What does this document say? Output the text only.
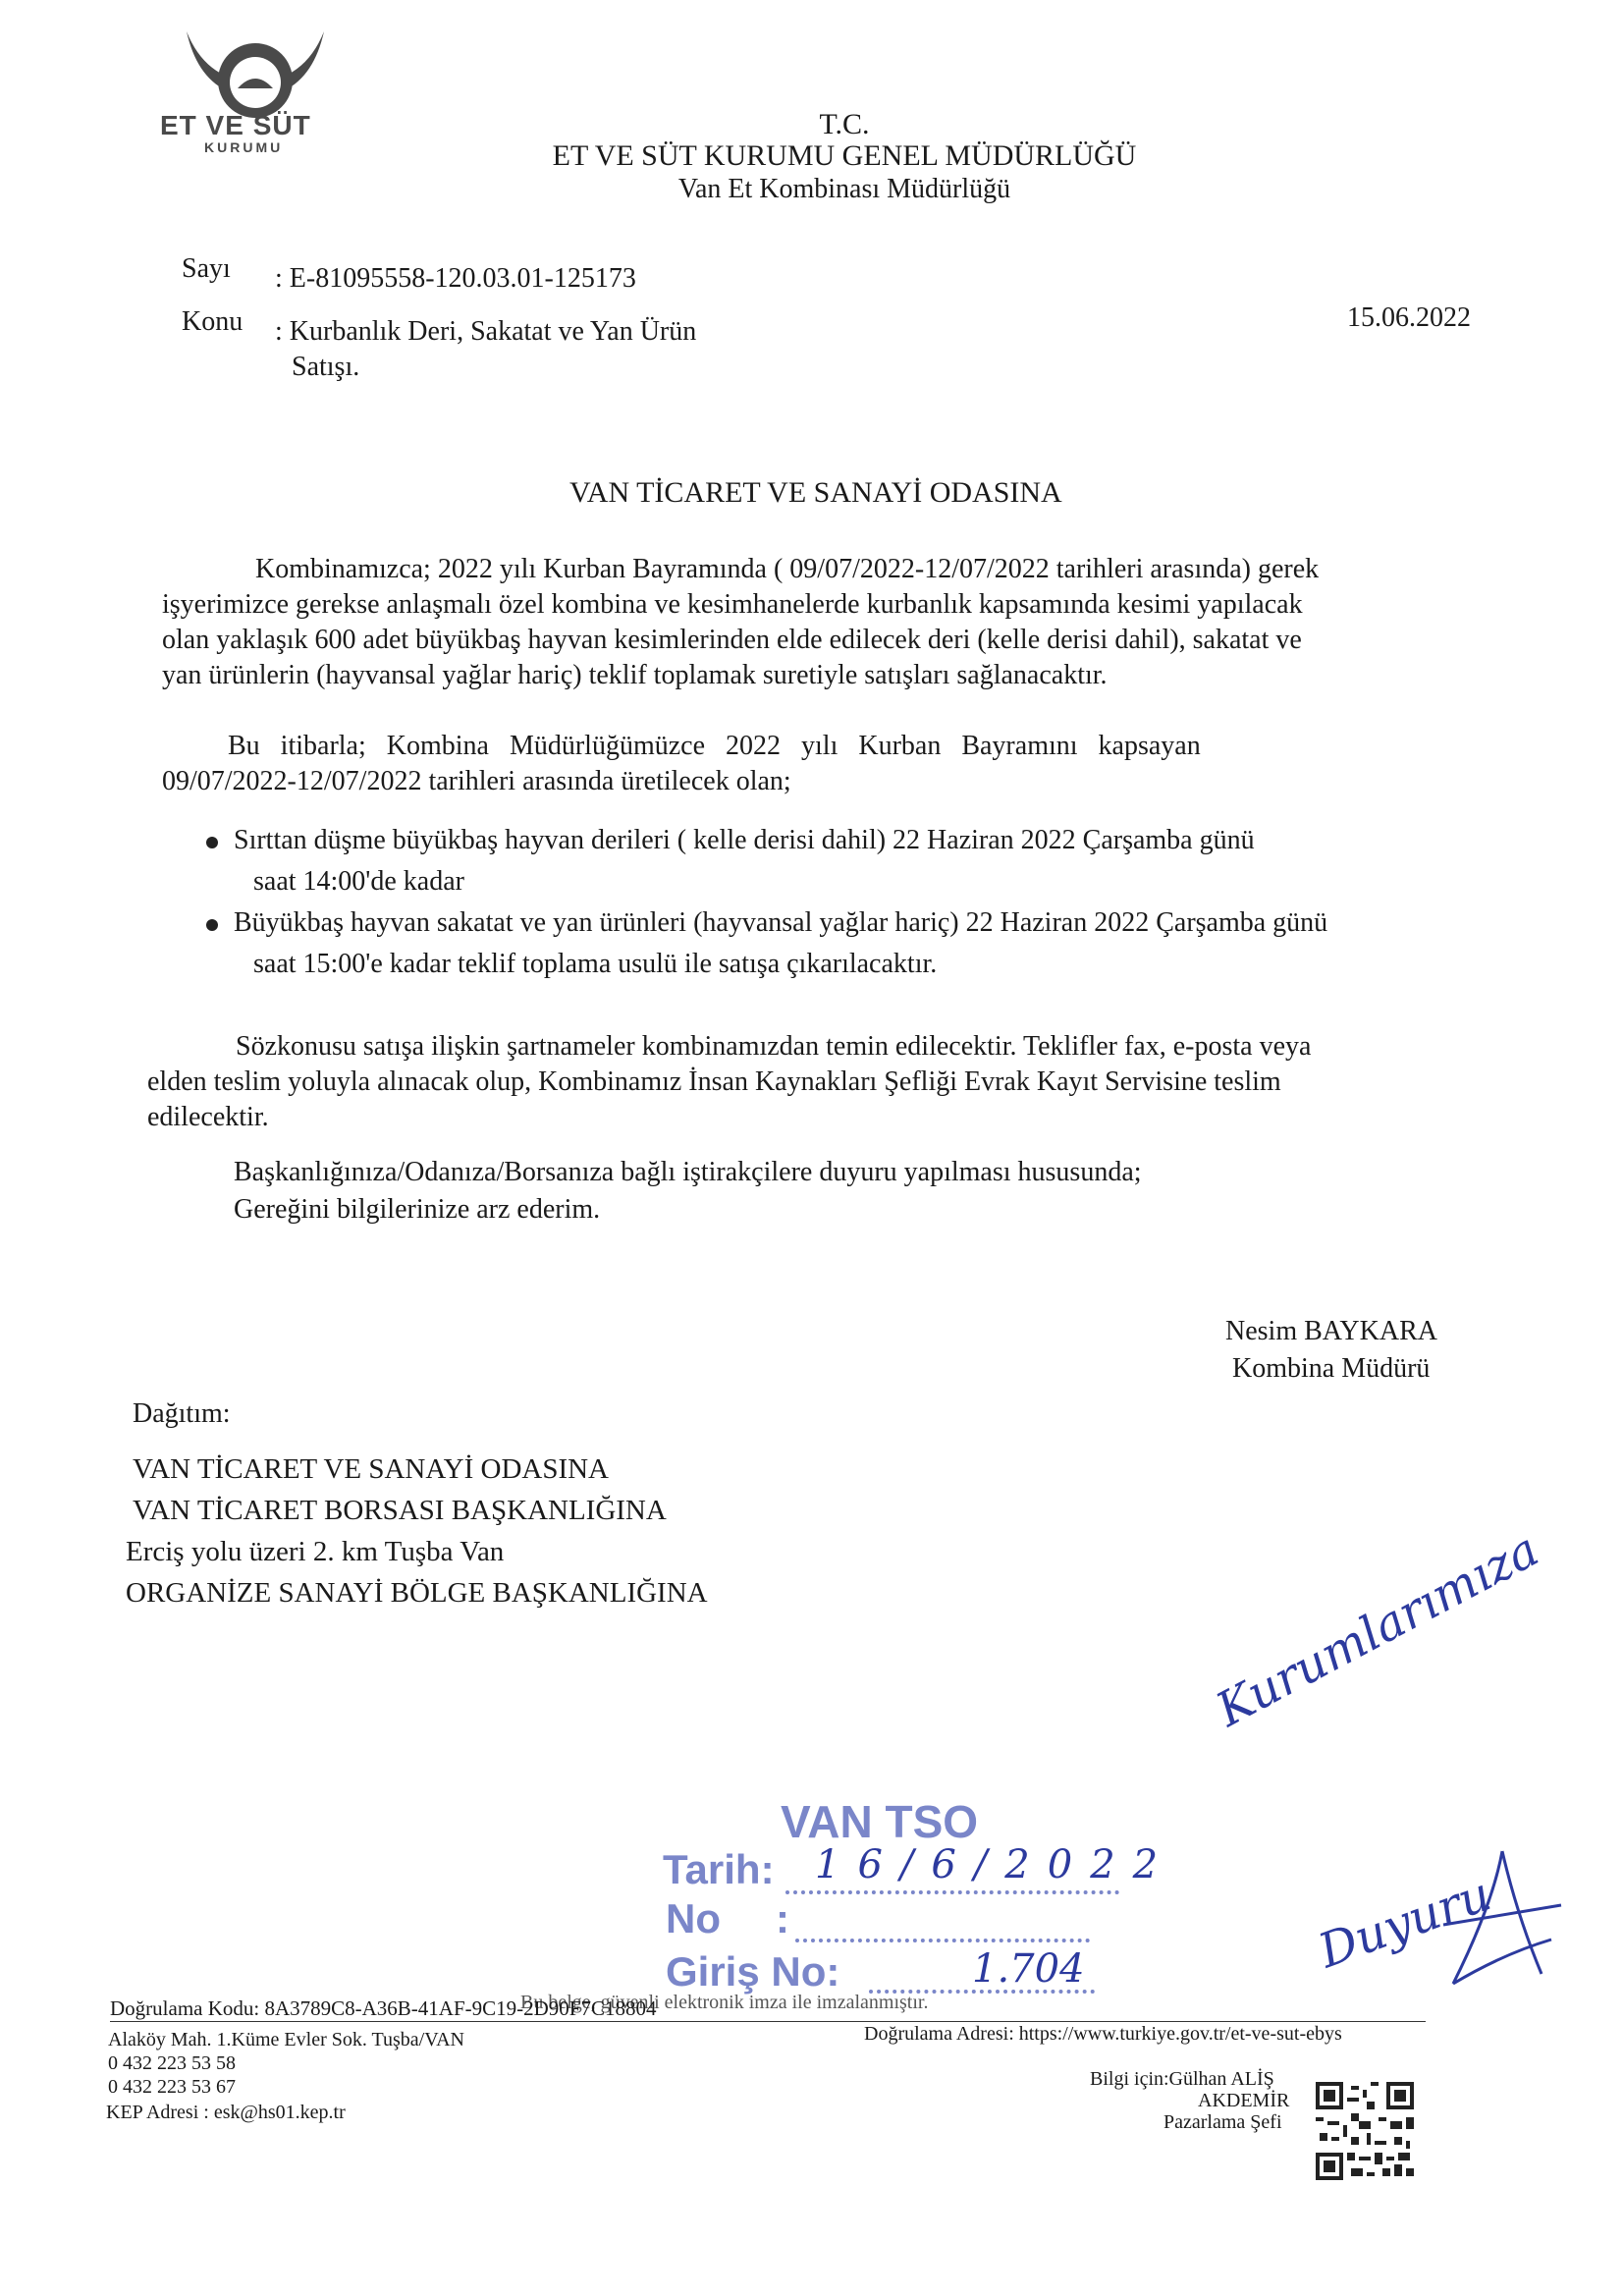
ET VE SÜT
KURUMU
T.C.
ET VE SÜT KURUMU GENEL MÜDÜRLÜĞÜ
Van Et Kombinası Müdürlüğü
Sayı : E-81095558-120.03.01-125173
Konu : Kurbanlık Deri, Sakatat ve Yan Ürün
Satışı.
15.06.2022
VAN TİCARET VE SANAYİ ODASINA
Kombinamızca; 2022 yılı Kurban Bayramında ( 09/07/2022-12/07/2022 tarihleri arasında) gerek
işyerimizce gerekse anlaşmalı özel kombina ve kesimhanelerde kurbanlık kapsamında kesimi yapılacak
olan yaklaşık 600 adet büyükbaş hayvan kesimlerinden elde edilecek deri (kelle derisi dahil), sakatat ve
yan ürünlerin (hayvansal yağlar hariç) teklif toplamak suretiyle satışları sağlanacaktır.
Bu   itibarla;   Kombina   Müdürlüğümüzce   2022   yılı   Kurban   Bayramını   kapsayan
09/07/2022-12/07/2022 tarihleri arasında üretilecek olan;
Sırttan düşme büyükbaş hayvan derileri ( kelle derisi dahil) 22 Haziran 2022 Çarşamba günü
saat 14:00'de kadar
Büyükbaş hayvan sakatat ve yan ürünleri (hayvansal yağlar hariç) 22 Haziran 2022 Çarşamba günü
saat 15:00'e kadar teklif toplama usulü ile satışa çıkarılacaktır.
Sözkonusu satışa ilişkin şartnameler kombinamızdan temin edilecektir. Teklifler fax, e-posta veya
elden teslim yoluyla alınacak olup, Kombinamız İnsan Kaynakları Şefliği Evrak Kayıt Servisine teslim
edilecektir.
Başkanlığınıza/Odanıza/Borsanıza bağlı iştirakçilere duyuru yapılması hususunda;
Gereğini bilgilerinize arz ederim.
Nesim BAYKARA
Kombina Müdürü
Dağıtım:
VAN TİCARET VE SANAYİ ODASINA
VAN TİCARET BORSASI BAŞKANLIĞINA
Erciş yolu üzeri 2. km Tuşba Van
ORGANİZE SANAYİ BÖLGE BAŞKANLIĞINA	Kurumlarımıza
Duyuru
VAN TSO
Tarih: 16/6/2022
No :
Giriş No:	1.704
Bu belge, güvenli elektronik imza ile imzalanmıştır.
Doğrulama Kodu: 8A3789C8-A36B-41AF-9C19-2D90F7C18804
Doğrulama Adresi: https://www.turkiye.gov.tr/et-ve-sut-ebys
Alaköy Mah. 1.Küme Evler Sok. Tuşba/VAN
0 432 223 53 58
0 432 223 53 67
KEP Adresi : esk@hs01.kep.tr
Bilgi için:Gülhan ALİŞ
AKDEMİR
Pazarlama Şefi
